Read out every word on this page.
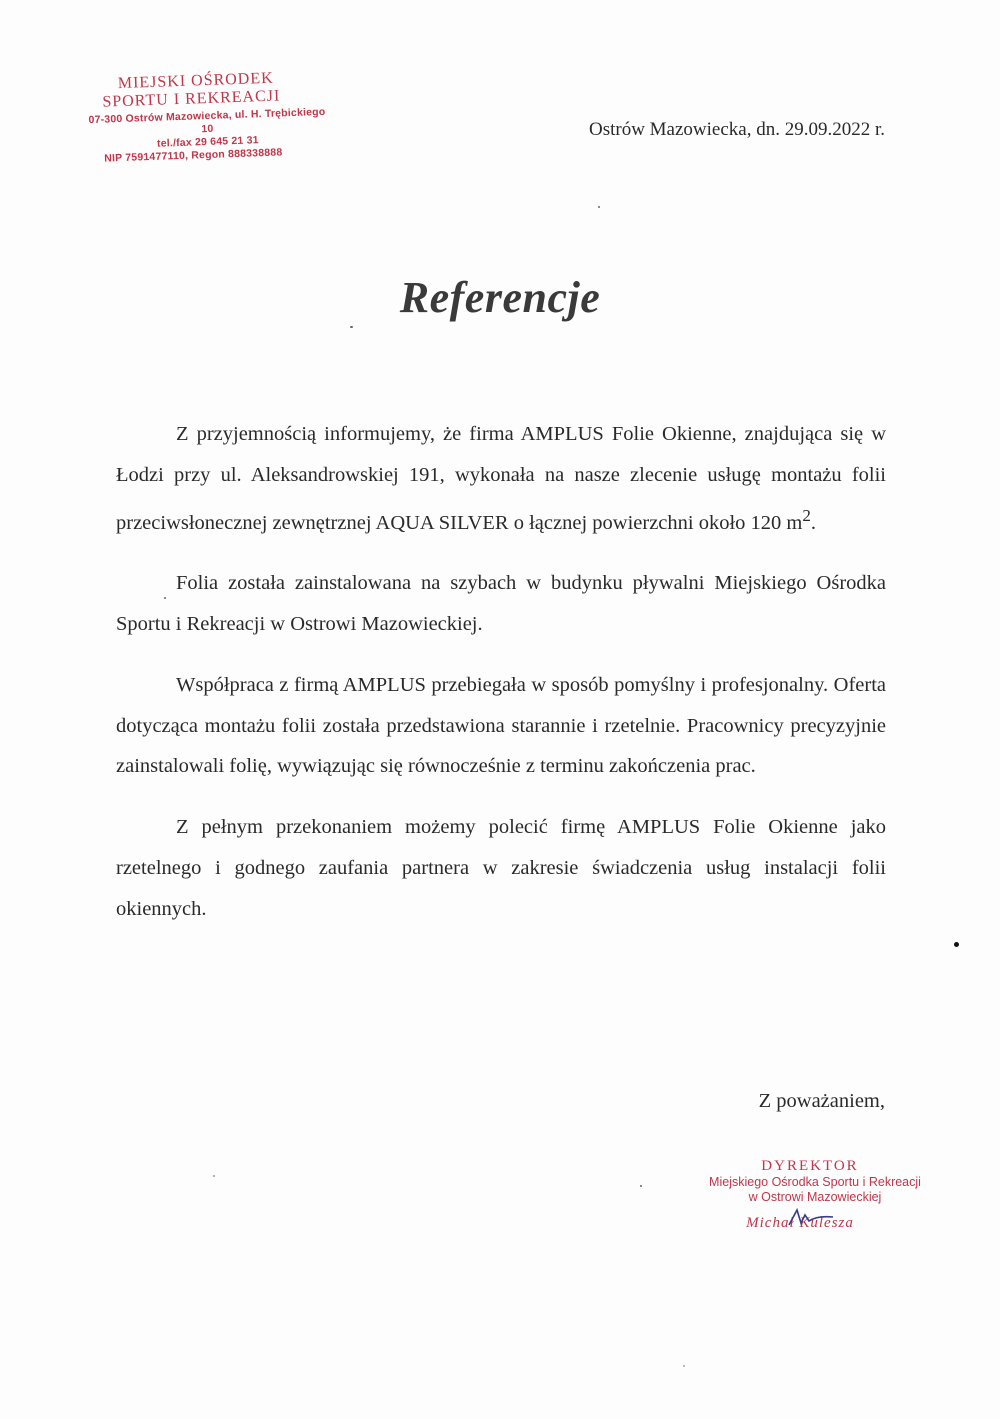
MIEJSKI OŚRODEK
SPORTU I REKREACJI
07-300 Ostrów Mazowiecka, ul. H. Trębickiego 10
tel./fax 29 645 21 31
NIP 7591477110, Regon 888338888
Ostrów Mazowiecka, dn. 29.09.2022 r.
Referencje

Z przyjemnością informujemy, że firma AMPLUS Folie Okienne, znajdująca się w Łodzi przy ul. Aleksandrowskiej 191, wykonała na nasze zlecenie usługę montażu folii przeciwsłonecznej zewnętrznej AQUA SILVER o łącznej powierzchni około 120 $m^2$.

Folia została zainstalowana na szybach w budynku pływalni Miejskiego Ośrodka Sportu i Rekreacji w Ostrowi Mazowieckiej.

Współpraca z firmą AMPLUS przebiegała w sposób pomyślny i profesjonalny. Oferta dotycząca montażu folii została przedstawiona starannie i rzetelnie. Pracownicy precyzyjnie zainstalowali folię, wywiązując się równocześnie z terminu zakończenia prac.

Z pełnym przekonaniem możemy polecić firmę AMPLUS Folie Okienne jako rzetelnego i godnego zaufania partnera w zakresie świadczenia usług instalacji folii okiennych.

Z poważaniem,
DYREKTOR
Miejskiego Ośrodka Sportu i Rekreacji
w Ostrowi Mazowieckiej
Michał Kulesza
